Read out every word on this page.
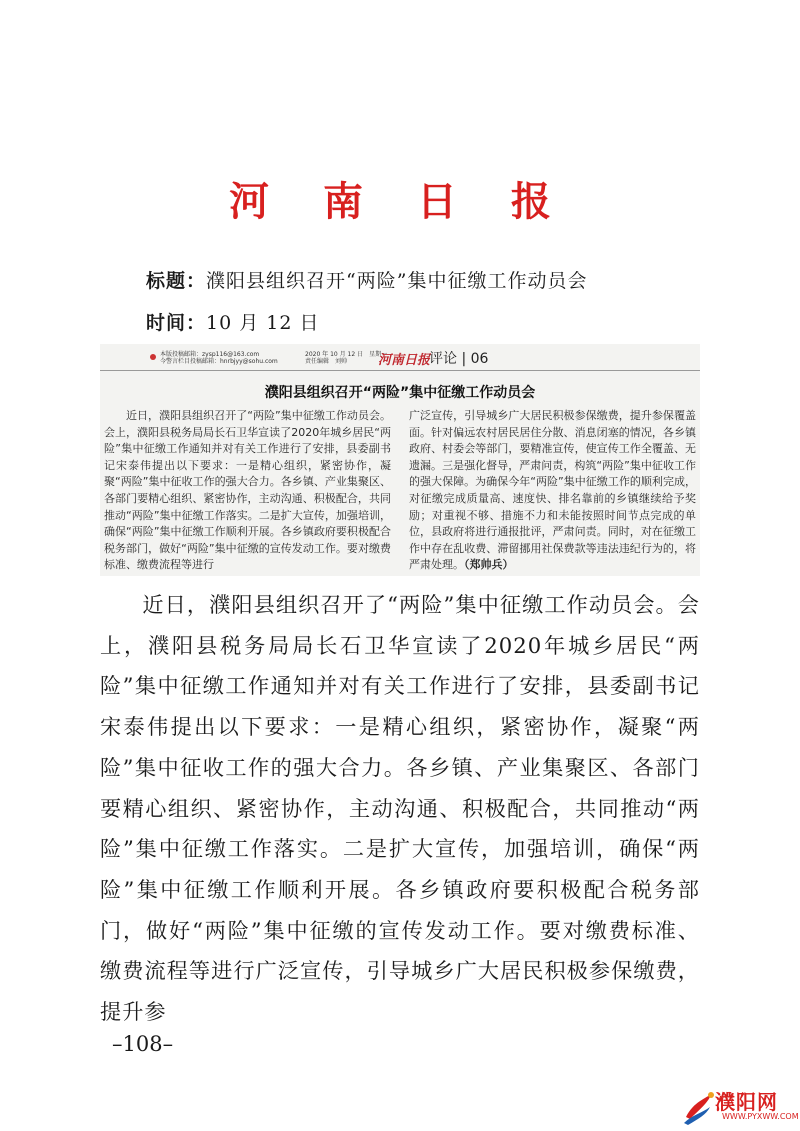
河 南 日 报
标题：濮阳县组织召开“两险”集中征缴工作动员会
时间：10 月 12 日
本版投稿邮箱：zysp116@163.com
今警言栏目投稿邮箱：hnrbjyy@sohu.com
2020 年 10 月 12 日　星期一
责任编辑　刘帅	河南日报
评论 | 06
濮阳县组织召开“两险”集中征缴工作动员会
近日，濮阳县组织召开了“两险”集中征缴工作动员会。会上，濮阳县税务局局长石卫华宣读了2020年城乡居民“两险”集中征缴工作通知并对有关工作进行了安排，县委副书记宋泰伟提出以下要求：一是精心组织，紧密协作，凝聚“两险”集中征收工作的强大合力。各乡镇、产业集聚区、各部门要精心组织、紧密协作，主动沟通、积极配合，共同推动“两险”集中征缴工作落实。二是扩大宣传，加强培训，确保“两险”集中征缴工作顺利开展。各乡镇政府要积极配合税务部门，做好“两险”集中征缴的宣传发动工作。要对缴费标准、缴费流程等进行
广泛宣传，引导城乡广大居民积极参保缴费，提升参保覆盖面。针对偏远农村居民居住分散、消息闭塞的情况，各乡镇政府、村委会等部门，要精准宣传，使宣传工作全覆盖、无遗漏。三是强化督导，严肃问责，构筑“两险”集中征收工作的强大保障。为确保今年“两险”集中征缴工作的顺利完成，对征缴完成质量高、速度快、排名靠前的乡镇继续给予奖励；对重视不够、措施不力和未能按照时间节点完成的单位，县政府将进行通报批评，严肃问责。同时，对在征缴工作中存在乱收费、滞留挪用社保费款等违法违纪行为的，将严肃处理。（郑帅兵）

近日，濮阳县组织召开了“两险”集中征缴工作动员会。会上，濮阳县税务局局长石卫华宣读了2020年城乡居民“两险”集中征缴工作通知并对有关工作进行了安排，县委副书记宋泰伟提出以下要求：一是精心组织，紧密协作，凝聚“两险”集中征收工作的强大合力。各乡镇、产业集聚区、各部门要精心组织、紧密协作，主动沟通、积极配合，共同推动“两险”集中征缴工作落实。二是扩大宣传，加强培训，确保“两险”集中征缴工作顺利开展。各乡镇政府要积极配合税务部门，做好“两险”集中征缴的宣传发动工作。要对缴费标准、缴费流程等进行广泛宣传，引导城乡广大居民积极参保缴费，提升参

–108–
濮阳网
WWW.PYXWW.COM
